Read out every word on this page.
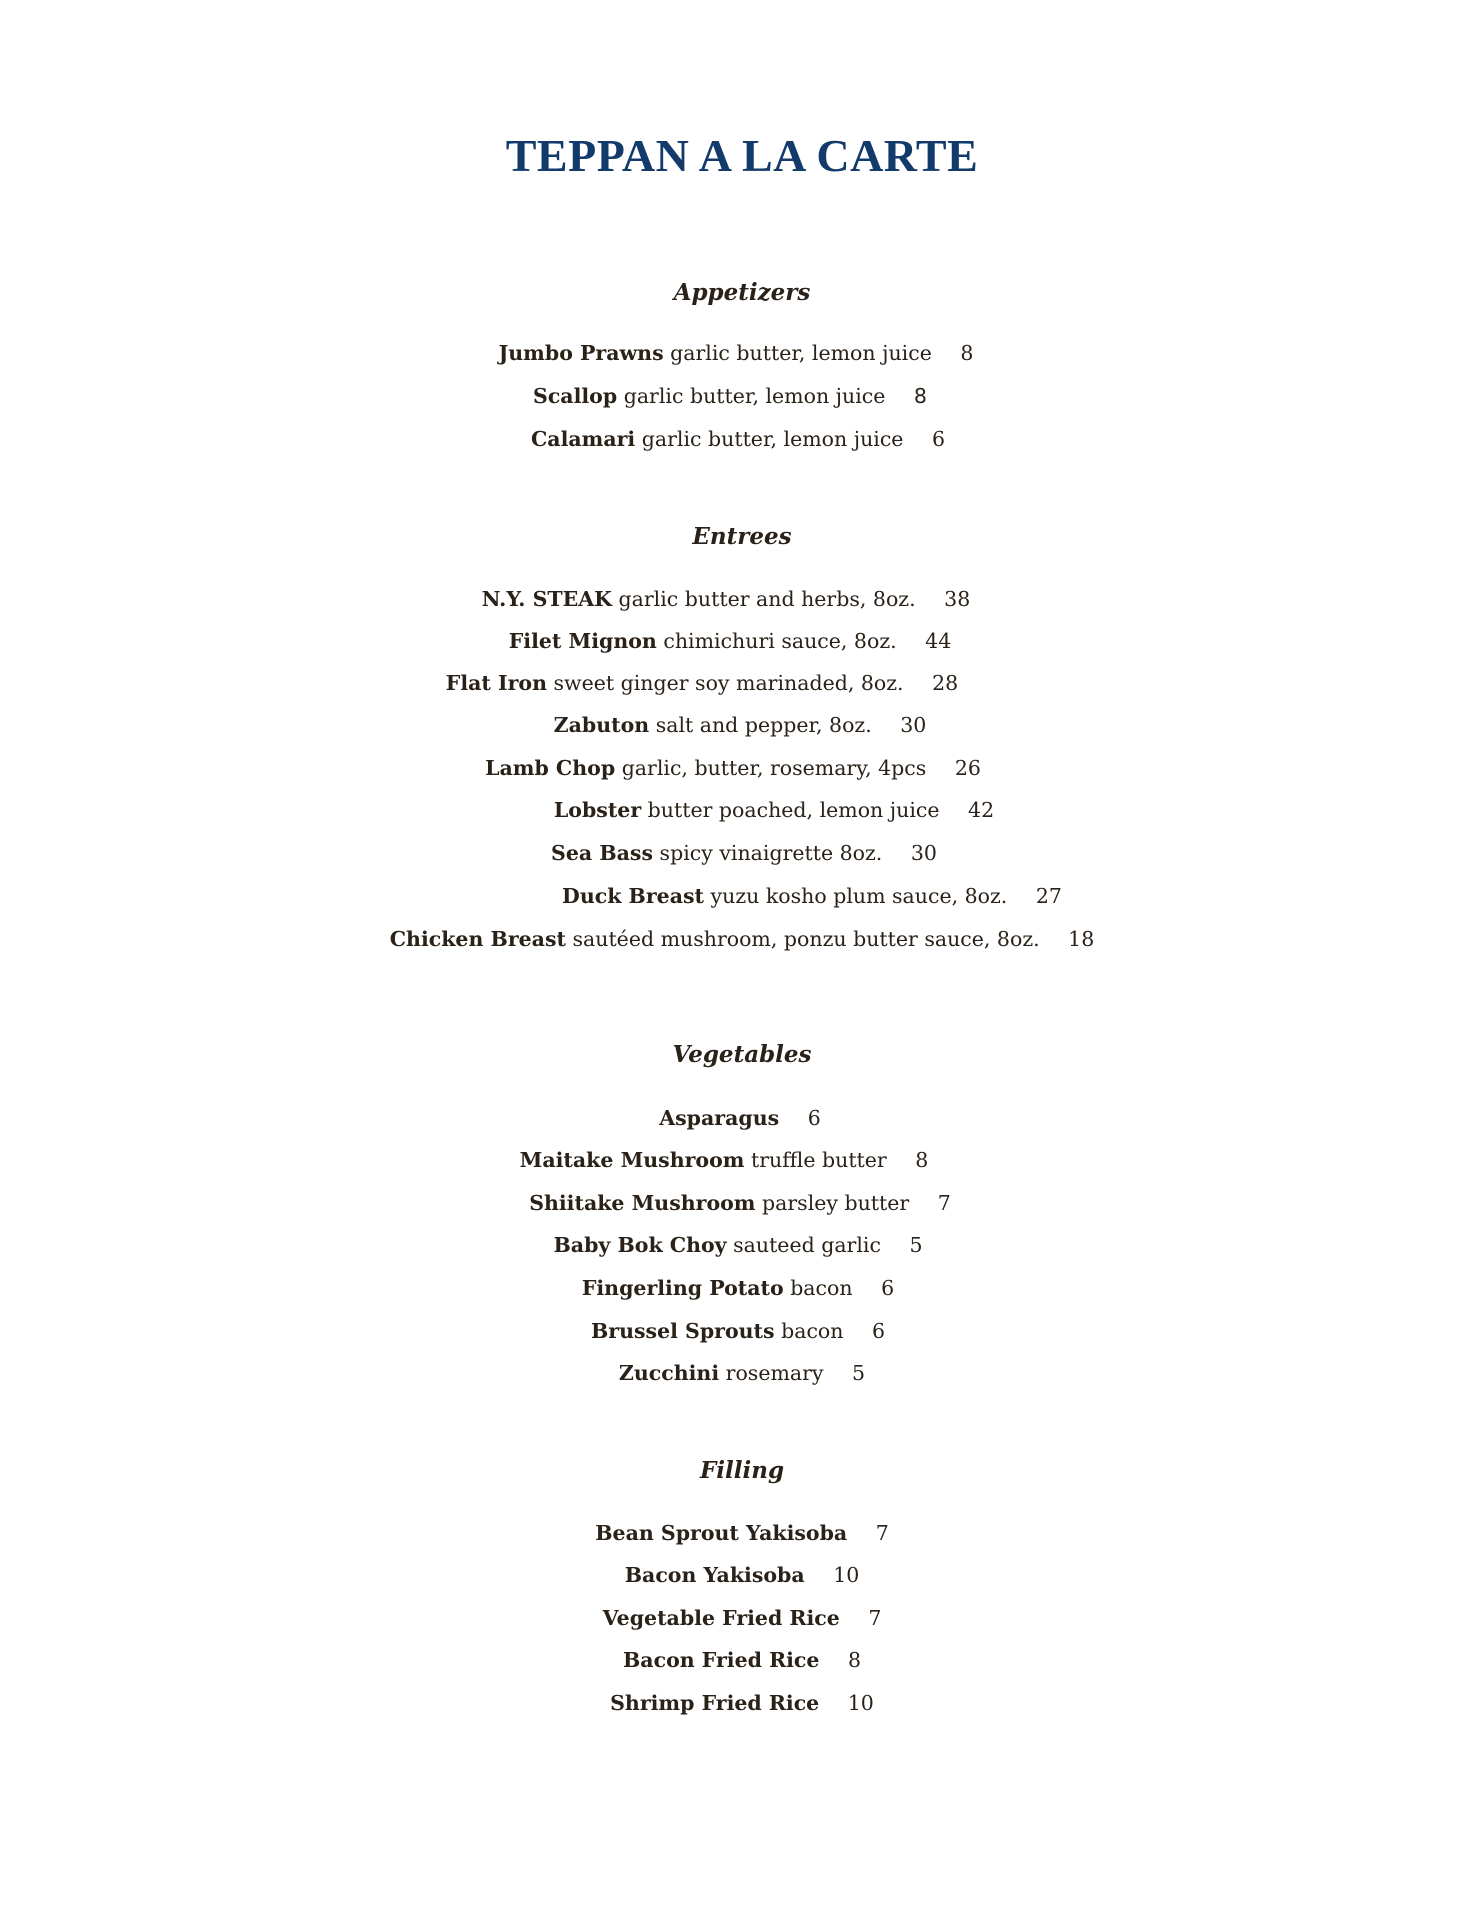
TEPPAN A LA CARTE
Appetizers
Jumbo Prawns garlic butter, lemon juice 8
Scallop garlic butter, lemon juice 8
Calamari garlic butter, lemon juice 6
Entrees
N.Y. STEAK garlic butter and herbs, 8oz. 38
Filet Mignon chimichuri sauce, 8oz. 44
Flat Iron sweet ginger soy marinaded, 8oz. 28
Zabuton salt and pepper, 8oz. 30
Lamb Chop garlic, butter, rosemary, 4pcs 26
Lobster butter poached, lemon juice 42
Sea Bass spicy vinaigrette 8oz. 30
Duck Breast yuzu kosho plum sauce, 8oz. 27
Chicken Breast sautéed mushroom, ponzu butter sauce, 8oz. 18
Vegetables
Asparagus 6
Maitake Mushroom truffle butter 8
Shiitake Mushroom parsley butter 7
Baby Bok Choy sauteed garlic 5
Fingerling Potato bacon 6
Brussel Sprouts bacon 6
Zucchini rosemary 5
Filling
Bean Sprout Yakisoba 7
Bacon Yakisoba 10
Vegetable Fried Rice 7
Bacon Fried Rice 8
Shrimp Fried Rice 10
